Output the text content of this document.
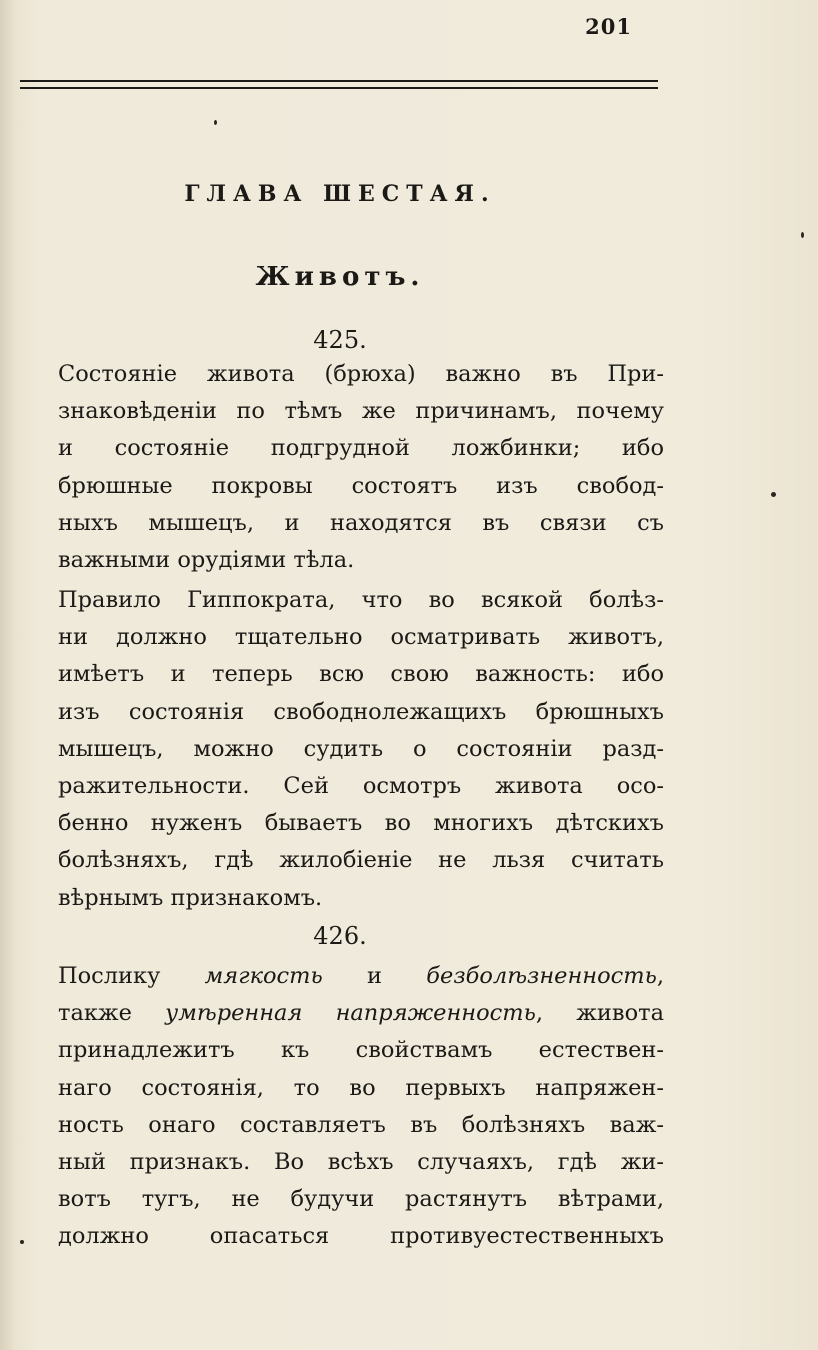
201
ГЛАВА ШЕСТАЯ.
Животъ.
425.
Состояніе живота (брюха) важно въ При-
знаковѣденіи по тѣмъ же причинамъ, почему
и состояніе подгрудной ложбинки; ибо
брюшные покровы состоятъ изъ свобод-
ныхъ мышецъ, и находятся въ связи съ
важными орудіями тѣла.
Правило Гиппократа, что во всякой болѣз-
ни должно тщательно осматривать животъ,
имѣетъ и теперь всю свою важность: ибо
изъ состоянія свободнолежащихъ брюшныхъ
мышецъ, можно судить о состояніи разд-
ражительности. Сей осмотръ живота осо-
бенно нуженъ бываетъ во многихъ дѣтскихъ
болѣзняхъ, гдѣ жилобіеніе не льзя считать
вѣрнымъ признакомъ.
426.
Послику мягкость и безболѣзненность,
также умѣренная напряженность, живота
принадлежитъ къ свойствамъ естествен-
наго состоянія, то во первыхъ напряжен-
ность онаго составляетъ въ болѣзняхъ важ-
ный признакъ. Во всѣхъ случаяхъ, гдѣ жи-
вотъ тугъ, не будучи растянутъ вѣтрами,
должно опасаться противуестественныхъ
